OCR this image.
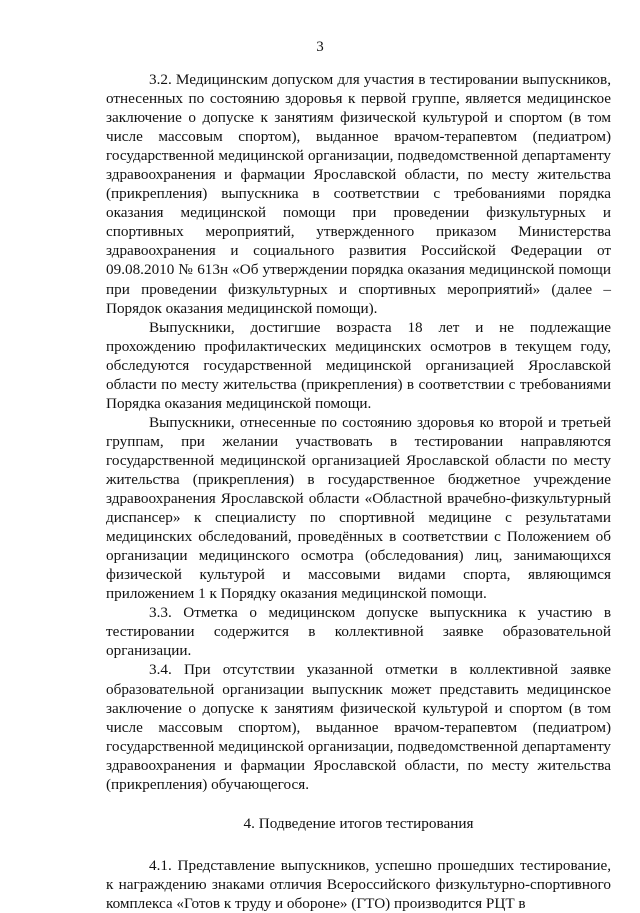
3

3.2. Медицинским допуском для участия в тестировании выпускников, отнесенных по состоянию здоровья к первой группе, является медицинское заключение о допуске к занятиям физической культурой и спортом (в том числе массовым спортом), выданное врачом-терапевтом (педиатром) государственной медицинской организации, подведомственной департаменту здравоохранения и фармации Ярославской области, по месту жительства (прикрепления) выпускника в соответствии с требованиями порядка оказания медицинской помощи при проведении физкультурных и спортивных мероприятий, утвержденного приказом Министерства здравоохранения и социального развития Российской Федерации от 09.08.2010 № 613н «Об утверждении порядка оказания медицинской помощи при проведении физкультурных и спортивных мероприятий» (далее – Порядок оказания медицинской помощи).

Выпускники, достигшие возраста 18 лет и не подлежащие прохождению профилактических медицинских осмотров в текущем году, обследуются государственной медицинской организацией Ярославской области по месту жительства (прикрепления) в соответствии с требованиями Порядка оказания медицинской помощи.

Выпускники, отнесенные по состоянию здоровья ко второй и третьей группам, при желании участвовать в тестировании направляются государственной медицинской организацией Ярославской области по месту жительства (прикрепления) в государственное бюджетное учреждение здравоохранения Ярославской области «Областной врачебно-физкультурный диспансер» к специалисту по спортивной медицине с результатами медицинских обследований, проведённых в соответствии с Положением об организации медицинского осмотра (обследования) лиц, занимающихся физической культурой и массовыми видами спорта, являющимся приложением 1 к Порядку оказания медицинской помощи.

3.3. Отметка о медицинском допуске выпускника к участию в тестировании содержится в коллективной заявке образовательной организации.

3.4. При отсутствии указанной отметки в коллективной заявке образовательной организации выпускник может представить медицинское заключение о допуске к занятиям физической культурой и спортом (в том числе массовым спортом), выданное врачом-терапевтом (педиатром) государственной медицинской организации, подведомственной департаменту здравоохранения и фармации Ярославской области, по месту жительства (прикрепления) обучающегося.

4. Подведение итогов тестирования

4.1. Представление выпускников, успешно прошедших тестирование, к награждению знаками отличия Всероссийского физкультурно-спортивного комплекса «Готов к труду и обороне» (ГТО) производится РЦТ в
